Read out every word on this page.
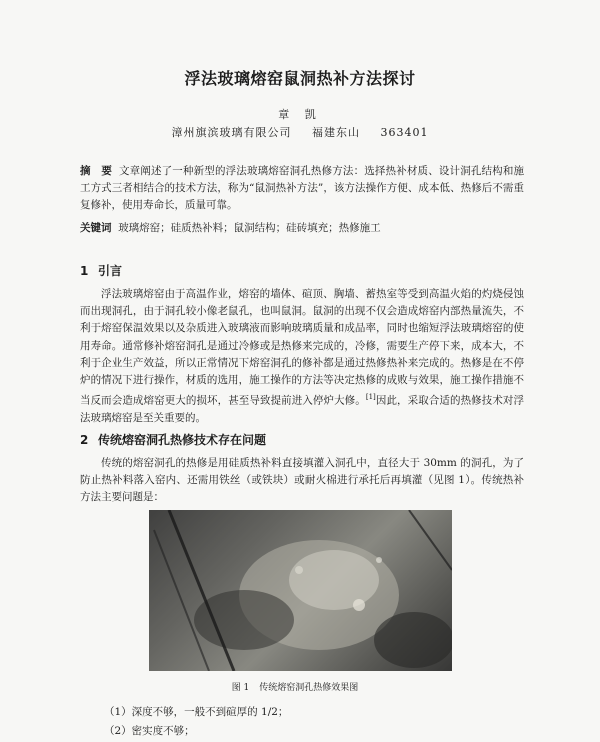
浮法玻璃熔窑鼠洞热补方法探讨
章 凯
漳州旗滨玻璃有限公司 福建东山 363401
摘　要 文章阐述了一种新型的浮法玻璃熔窑洞孔热修方法：选择热补材质、设计洞孔结构和施工方式三者相结合的技术方法，称为“鼠洞热补方法”，该方法操作方便、成本低、热修后不需重复修补，使用寿命长，质量可靠。
关键词 玻璃熔窑；硅质热补料；鼠洞结构；硅砖填充；热修施工
1 引言
浮法玻璃熔窑由于高温作业，熔窑的墙体、碹顶、胸墙、蓄热室等受到高温火焰的灼烧侵蚀而出现洞孔，由于洞孔较小像老鼠孔，也叫鼠洞。鼠洞的出现不仅会造成熔窑内部热量流失，不利于熔窑保温效果以及杂质进入玻璃液而影响玻璃质量和成品率，同时也缩短浮法玻璃熔窑的使用寿命。通常修补熔窑洞孔是通过冷修或是热修来完成的，冷修，需要生产停下来，成本大，不利于企业生产效益，所以正常情况下熔窑洞孔的修补都是通过热修热补来完成的。热修是在不停炉的情况下进行操作，材质的选用，施工操作的方法等决定热修的成败与效果，施工操作措施不当反而会造成熔窑更大的损坏，甚至导致提前进入停炉大修。[1]因此，采取合适的热修技术对浮法玻璃熔窑是至关重要的。
2 传统熔窑洞孔热修技术存在问题
传统的熔窑洞孔的热修是用硅质热补料直接填灌入洞孔中，直径大于 30mm 的洞孔，为了防止热补料落入窑内、还需用铁丝（或铁块）或耐火棉进行承托后再填灌（见图 1）。传统热补方法主要问题是：
图 1 传统熔窑洞孔热修效果图
（1）深度不够，一般不到碹厚的 1/2；
（2）密实度不够；
